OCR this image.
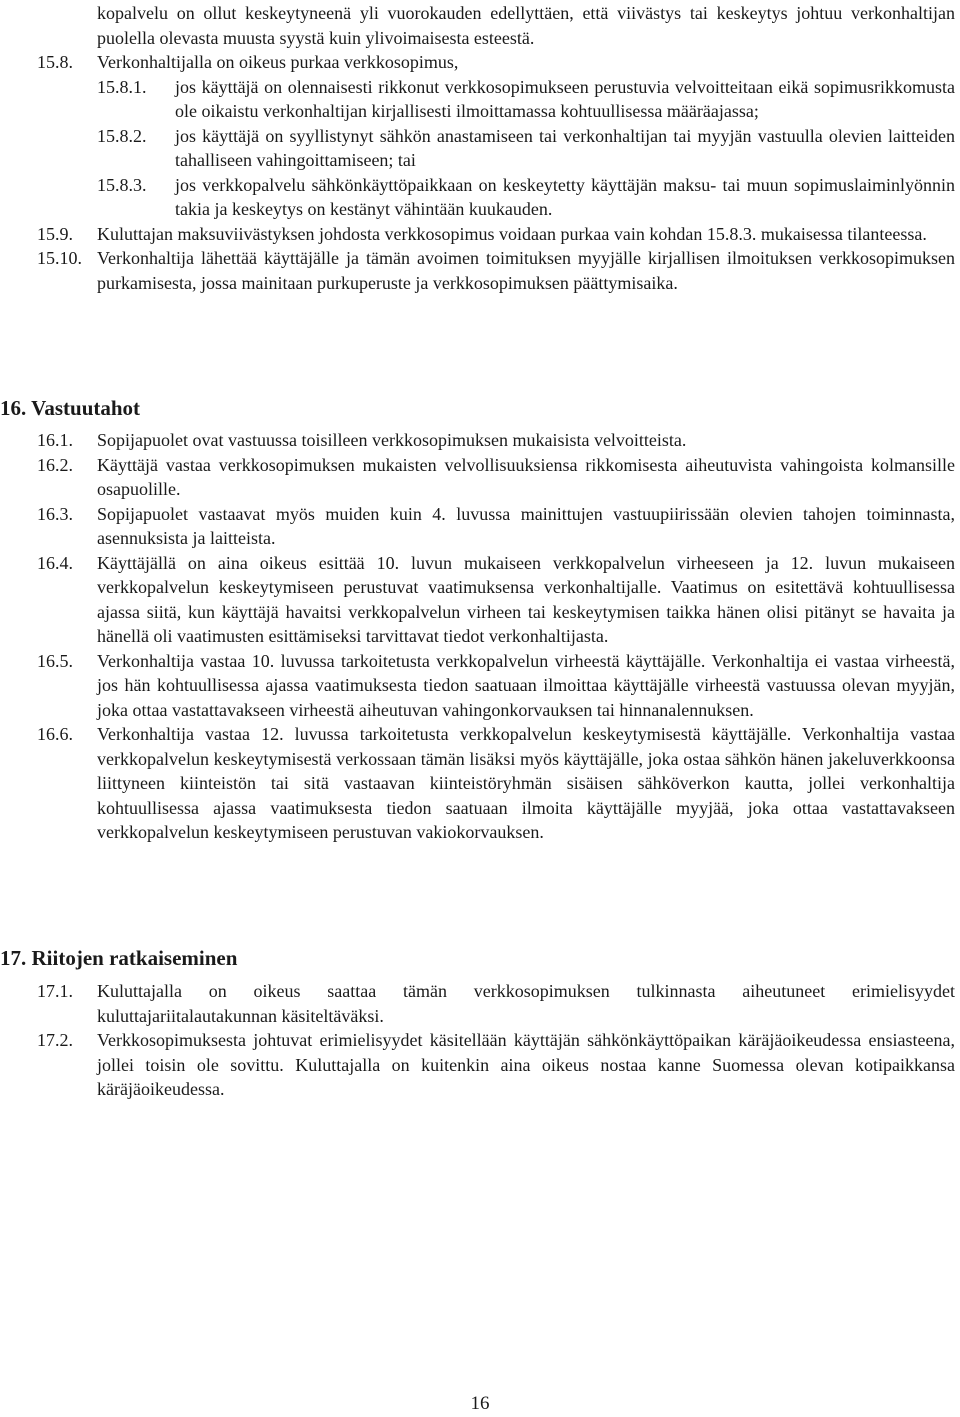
kopalvelu on ollut keskeytyneenä yli vuorokauden edellyttäen, että viivästys tai keskeytys johtuu verkonhaltijan puolella olevasta muusta syystä kuin ylivoimaisesta esteestä.
15.8.	Verkonhaltijalla on oikeus purkaa verkkosopimus,
15.8.1.	jos käyttäjä on olennaisesti rikkonut verkkosopimukseen perustuvia velvoitteitaan eikä sopimusrikkomusta ole oikaistu verkonhaltijan kirjallisesti ilmoittamassa kohtuullisessa määräajassa;
15.8.2.	jos käyttäjä on syyllistynyt sähkön anastamiseen tai verkonhaltijan tai myyjän vastuulla olevien laitteiden tahalliseen vahingoittamiseen; tai
15.8.3.	jos verkkopalvelu sähkönkäyttöpaikkaan on keskeytetty käyttäjän maksu- tai muun sopimuslaiminlyönnin takia ja keskeytys on kestänyt vähintään kuukauden.
15.9.	Kuluttajan maksuviivästyksen johdosta verkkosopimus voidaan purkaa vain kohdan 15.8.3. mukaisessa tilanteessa.
15.10. Verkonhaltija lähettää käyttäjälle ja tämän avoimen toimituksen myyjälle kirjallisen ilmoituksen verkkosopimuksen purkamisesta, jossa mainitaan purkuperuste ja verkkosopimuksen päättymisaika.
16. Vastuutahot
16.1.	Sopijapuolet ovat vastuussa toisilleen verkkosopimuksen mukaisista velvoitteista.
16.2.	Käyttäjä vastaa verkkosopimuksen mukaisten velvollisuuksiensa rikkomisesta aiheutuvista vahingoista kolmansille osapuolille.
16.3.	Sopijapuolet vastaavat myös muiden kuin 4. luvussa mainittujen vastuupiirissään olevien tahojen toiminnasta, asennuksista ja laitteista.
16.4.	Käyttäjällä on aina oikeus esittää 10. luvun mukaiseen verkkopalvelun virheeseen ja 12. luvun mukaiseen verkkopalvelun keskeytymiseen perustuvat vaatimuksensa verkonhaltijalle. Vaatimus on esitettävä kohtuullisessa ajassa siitä, kun käyttäjä havaitsi verkkopalvelun virheen tai keskeytymisen taikka hänen olisi pitänyt se havaita ja hänellä oli vaatimusten esittämiseksi tarvittavat tiedot verkonhaltijasta.
16.5.	Verkonhaltija vastaa 10. luvussa tarkoitetusta verkkopalvelun virheestä käyttäjälle. Verkonhaltija ei vastaa virheestä, jos hän kohtuullisessa ajassa vaatimuksesta tiedon saatuaan ilmoittaa käyttäjälle virheestä vastuussa olevan myyjän, joka ottaa vastattavakseen virheestä aiheutuvan vahingonkorvauksen tai hinnanalennuksen.
16.6.	Verkonhaltija vastaa 12. luvussa tarkoitetusta verkkopalvelun keskeytymisestä käyttäjälle. Verkonhaltija vastaa verkkopalvelun keskeytymisestä verkossaan tämän lisäksi myös käyttäjälle, joka ostaa sähkön hänen jakeluverkkoonsa liittyneen kiinteistön tai sitä vastaavan kiinteistöryhmän sisäisen sähköverkon kautta, jollei verkonhaltija kohtuullisessa ajassa vaatimuksesta tiedon saatuaan ilmoita käyttäjälle myyjää, joka ottaa vastattavakseen verkkopalvelun keskeytymiseen perustuvan vakiokorvauksen.
17. Riitojen ratkaiseminen
17.1.	Kuluttajalla on oikeus saattaa tämän verkkosopimuksen tulkinnasta aiheutuneet erimielisyydet kuluttajariitalautakunnan käsiteltäväksi.
17.2.	Verkkosopimuksesta johtuvat erimielisyydet käsitellään käyttäjän sähkönkäyttöpaikan käräjäoikeudessa ensiasteena, jollei toisin ole sovittu. Kuluttajalla on kuitenkin aina oikeus nostaa kanne Suomessa olevan kotipaikkansa käräjäoikeudessa.
16
